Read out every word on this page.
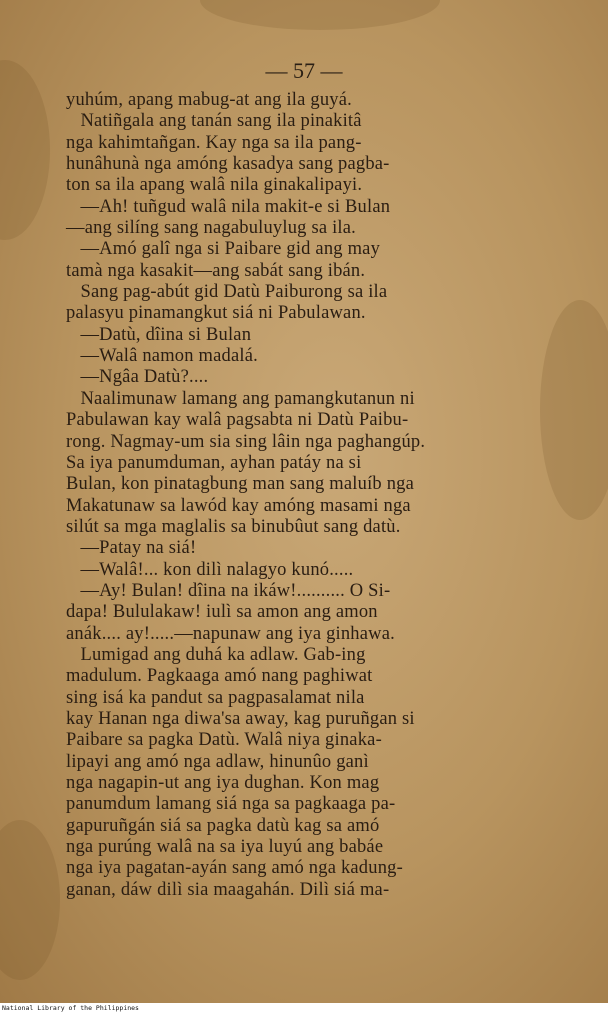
— 57 —
yuhúm, apang mabug-at ang ila guyá.
Natiñgala ang tanán sang ila pinakitâ
nga kahimtañgan. Kay nga sa ila pang-
hunâhunà nga amóng kasadya sang pagba-
ton sa ila apang walâ nila ginakalipayi.
—Ah! tuñgud walâ nila makit-e si Bulan
—ang silíng sang nagabuluylug sa ila.
—Amó galî nga si Paibare gid ang may
tamà nga kasakit—ang sabát sang ibán.
Sang pag-abút gid Datù Paiburong sa ila
palasyu pinamangkut siá ni Pabulawan.
—Datù, dîina si Bulan
—Walâ namon madalá.
—Ngâa Datù?....
Naalimunaw lamang ang pamangkutanun ni
Pabulawan kay walâ pagsabta ni Datù Paibu-
rong. Nagmay-um sia sing lâin nga paghangúp.
Sa iya panumduman, ayhan patáy na si
Bulan, kon pinatagbung man sang maluíb nga
Makatunaw sa lawód kay amóng masami nga
silút sa mga maglalis sa binubûut sang datù.
—Patay na siá!
—Walâ!... kon dilì nalagyo kunó.....
—Ay! Bulan! dîina na ikáw!.......... O Si-
dapa! Bululakaw! iulì sa amon ang amon
anák.... ay!.....—napunaw ang iya ginhawa.
Lumigad ang duhá ka adlaw. Gab-ing
madulum. Pagkaaga amó nang paghiwat
sing isá ka pandut sa pagpasalamat nila
kay Hanan nga diwa'sa away, kag puruñgan si
Paibare sa pagka Datù. Walâ niya ginaka-
lipayi ang amó nga adlaw, hinunûo ganì
nga nagapin-ut ang iya dughan. Kon mag
panumdum lamang siá nga sa pagkaaga pa-
gapuruñgán siá sa pagka datù kag sa amó
nga purúng walâ na sa iya luyú ang babáe
nga iya pagatan-ayán sang amó nga kadung-
ganan, dáw dilì sia maagahán. Dilì siá ma-
National Library of the Philippines
